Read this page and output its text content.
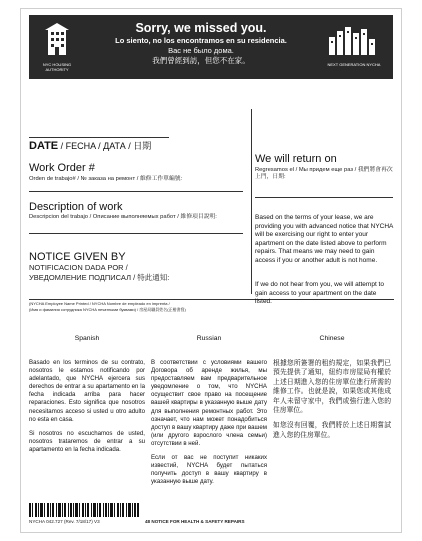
NYC HOUSING AUTHORITY
Sorry, we missed you.
Lo siento, no los encontramos en su residencia.
Вас не было дома.
我們曾經到訪，但您不在家。	NEXT GENERATION NYCHA
DATE / FECHA / ДАТА / 日期
Work Order #
Orden de trabajo# / № заказа на ремонт / 維修工作單編號:
Description of work
Descripcion del trabajo / Описание выполняемых работ / 維修項目說明:
NOTICE GIVEN BY
NOTIFICACION DADA POR /
УВЕДОМЛЕНИЕ ПОДПИСАЛ / 特此通知:
(NYCHA Employee Name Printed / NYCHA Nombre de empleado en imprenta /
(Имя и фамилия сотрудника NYCHA печатными буквами) / 房屋局職員姓名(正楷書寫)
We will return on
Regresamos el / Мы придем еще раз / 我們將會再次上門，日期:
Based on the terms of your lease, we are providing you with advanced notice that NYCHA will be exercising our right to enter your apartment on the date listed above to perform repairs. That means we may need to gain access if you or another adult is not home.
If we do not hear from you, we will attempt to gain access to your apartment on the date listed.
Spanish	Russian	Chinese

Basado en los terminos de su contrato, nosotros le estamos notificando por adelantado, que NYCHA ejercera sus derechos de entrar a su apartamento en la fecha indicada arriba para hacer reparaciones. Esto significa que nosotros necesitamos acceso si usted u otro adulto no esta en casa.

Si nosotros no escuchamos de usted, nosotros trataremos de entrar a su apartamento en la fecha indicada.

В соответствии с условиями вашего Договора об аренде жилья, мы предоставляем вам предварительное уведомление о том, что NYCHA осуществит свое право на посещение вашей квартиры в указанную выше дату для выполнения ремонтных работ. Это означает, что нам может понадобиться доступ в вашу квартиру даже при вашем (или другого взрослого члена семьи) отсутствии в ней.

Если от вас не поступит никаких известий, NYCHA будет пытаться получить доступ в вашу квартиру в указанную выше дату.

根據您所簽署的租約規定，如果我們已預先提供了通知，紐約市房屋局有權於上述日期進入您的住房單位進行所需的維修工作。也就是說，如果您或其他成年人未留守家中，我們或強行進入您的住房單位。

如您沒有回覆，我們將於上述日期嘗試進入您的住房單位。

NYCHA 042.727 (Rev. 7/18/17) V3	48 NOTICE FOR HEALTH & SAFETY REPAIRS
